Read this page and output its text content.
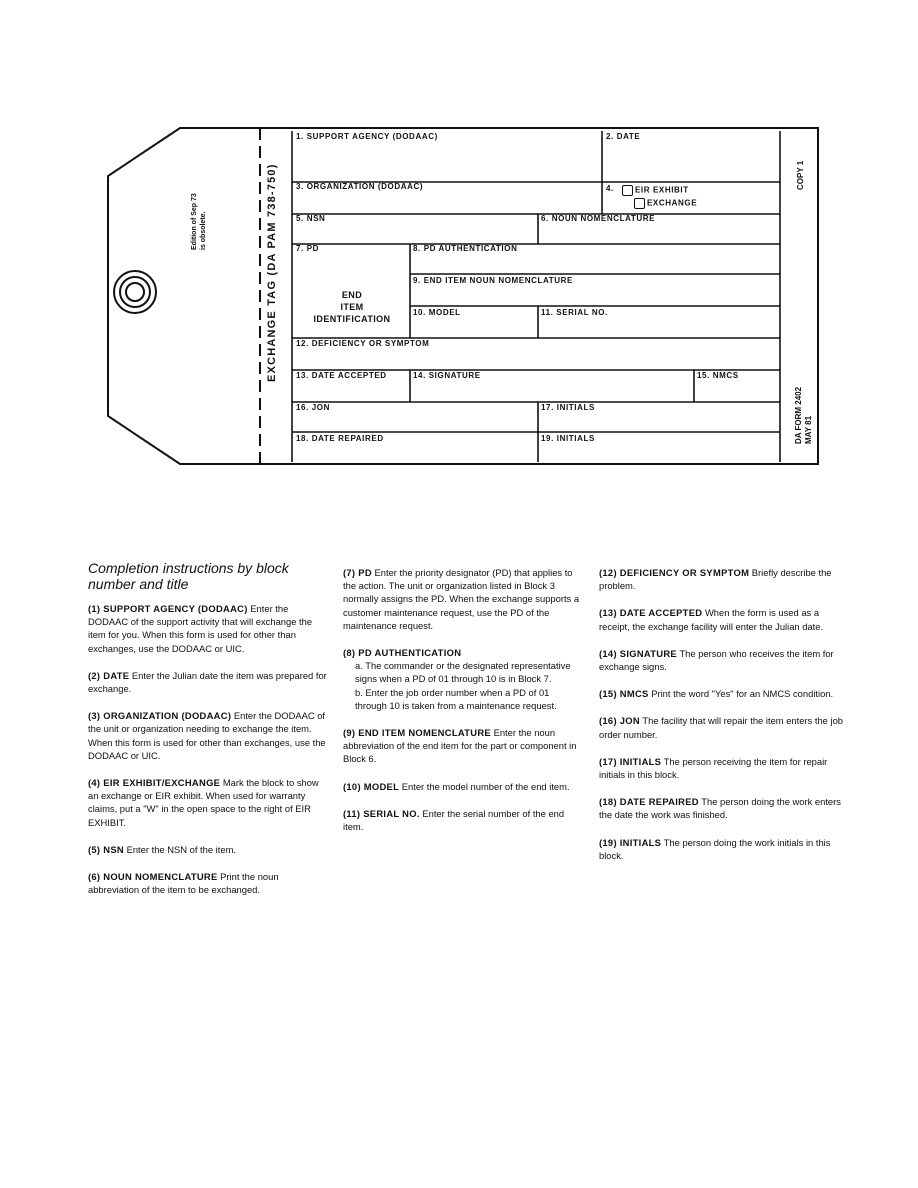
Edition of Sep 73 is obsolete.	EXCHANGE TAG (DA PAM 738-750)	COPY 1
DA FORM 2402 MAY 81
1. SUPPORT AGENCY (DODAAC)	2. DATE
3. ORGANIZATION (DODAAC)	4.	EIR EXHIBIT
EXCHANGE
5. NSN	6. NOUN NOMENCLATURE
7. PD	8. PD AUTHENTICATION
END
ITEM
IDENTIFICATION
9. END ITEM NOUN NOMENCLATURE
10. MODEL	11. SERIAL NO.
12. DEFICIENCY OR SYMPTOM
13. DATE ACCEPTED	14. SIGNATURE	15. NMCS
16. JON	17. INITIALS
18. DATE REPAIRED	19. INITIALS
Completion instructions by block number and title

(1) SUPPORT AGENCY (DODAAC) Enter the DODAAC of the support activity that will exchange the item for you. When this form is used for other than exchanges, use the DODAAC or UIC.

(2) DATE Enter the Julian date the item was prepared for exchange.

(3) ORGANIZATION (DODAAC) Enter the DODAAC of the unit or organization needing to exchange the item. When this form is used for other than exchanges, use the DODAAC or UIC.

(4) EIR EXHIBIT/EXCHANGE Mark the block to show an exchange or EIR exhibit. When used for warranty claims, put a "W" in the open space to the right of EIR EXHIBIT.

(5) NSN Enter the NSN of the item.

(6) NOUN NOMENCLATURE Print the noun abbreviation of the item to be exchanged.

(7) PD Enter the priority designator (PD) that applies to the action. The unit or organization listed in Block 3 normally assigns the PD. When the exchange supports a customer maintenance request, use the PD of the maintenance request.

(8) PD AUTHENTICATION
a. The commander or the designated representative signs when a PD of 01 through 10 is in Block 7.
b. Enter the job order number when a PD of 01 through 10 is taken from a maintenance request.

(9) END ITEM NOMENCLATURE Enter the noun abbreviation of the end item for the part or component in Block 6.

(10) MODEL Enter the model number of the end item.

(11) SERIAL NO. Enter the serial number of the end item.

(12) DEFICIENCY OR SYMPTOM Briefly describe the problem.

(13) DATE ACCEPTED When the form is used as a receipt, the exchange facility will enter the Julian date.

(14) SIGNATURE The person who receives the item for exchange signs.

(15) NMCS Print the word "Yes" for an NMCS condition.

(16) JON The facility that will repair the item enters the job order number.

(17) INITIALS The person receiving the item for repair initials in this block.

(18) DATE REPAIRED The person doing the work enters the date the work was finished.

(19) INITIALS The person doing the work initials in this block.
